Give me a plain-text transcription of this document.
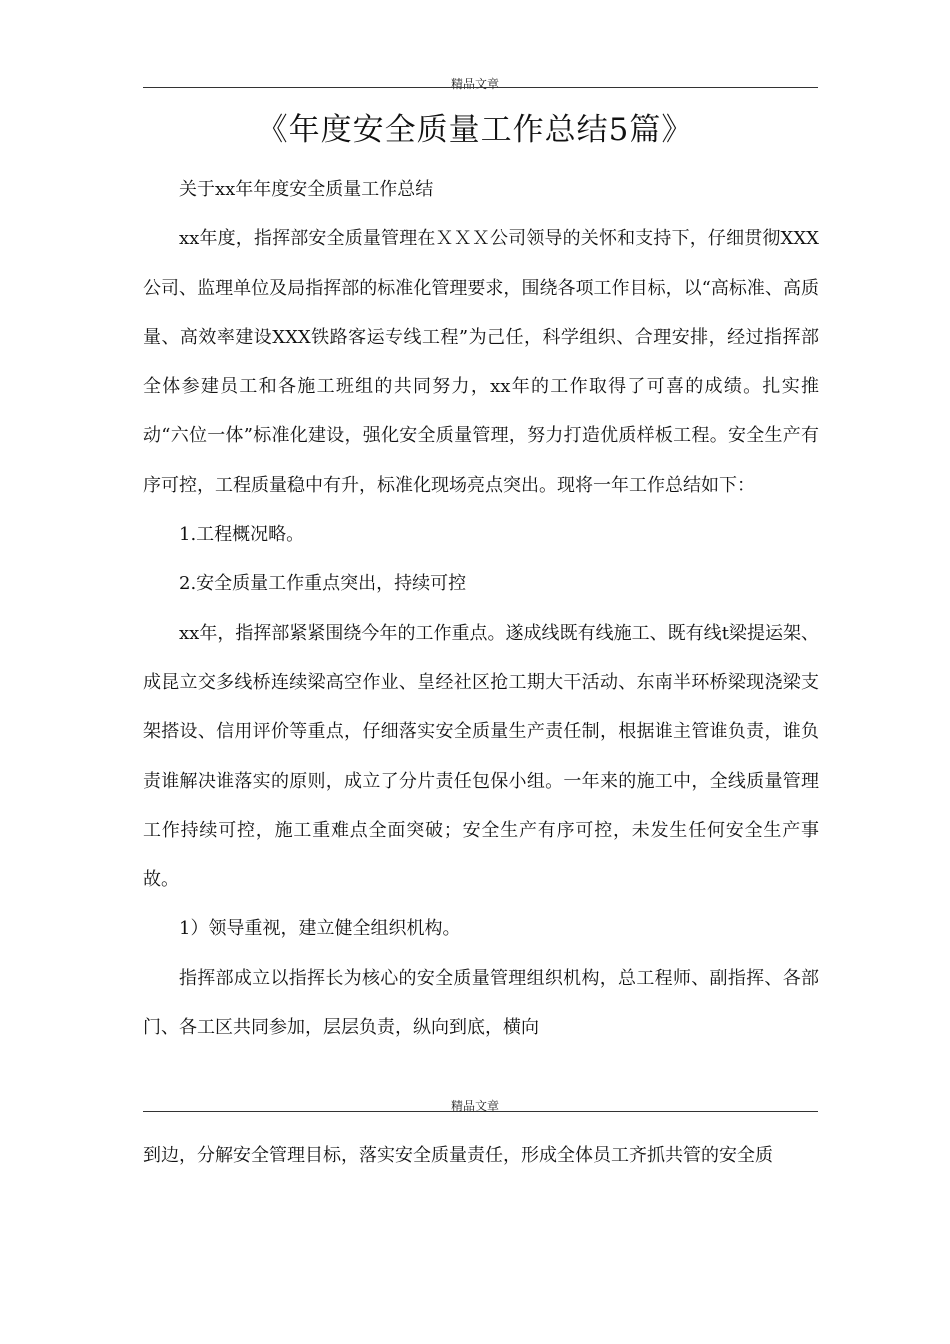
精品文章
《年度安全质量工作总结5篇》

关于xx年年度安全质量工作总结

xx年度，指挥部安全质量管理在ＸＸＸ公司领导的关怀和支持下，仔细贯彻XXX公司、监理单位及局指挥部的标准化管理要求，围绕各项工作目标，以“高标准、高质量、高效率建设XXX铁路客运专线工程”为己任，科学组织、合理安排，经过指挥部全体参建员工和各施工班组的共同努力，xx年的工作取得了可喜的成绩。扎实推动“六位一体”标准化建设，强化安全质量管理，努力打造优质样板工程。安全生产有序可控，工程质量稳中有升，标准化现场亮点突出。现将一年工作总结如下：

1.工程概况略。

2.安全质量工作重点突出，持续可控

xx年，指挥部紧紧围绕今年的工作重点。遂成线既有线施工、既有线t梁提运架、成昆立交多线桥连续梁高空作业、皇经社区抢工期大干活动、东南半环桥梁现浇梁支架搭设、信用评价等重点，仔细落实安全质量生产责任制，根据谁主管谁负责，谁负责谁解决谁落实的原则，成立了分片责任包保小组。一年来的施工中，全线质量管理工作持续可控，施工重难点全面突破；安全生产有序可控，未发生任何安全生产事故。

1）领导重视，建立健全组织机构。

指挥部成立以指挥长为核心的安全质量管理组织机构，总工程师、副指挥、各部门、各工区共同参加，层层负责，纵向到底，横向

精品文章

到边，分解安全管理目标，落实安全质量责任，形成全体员工齐抓共管的安全质
